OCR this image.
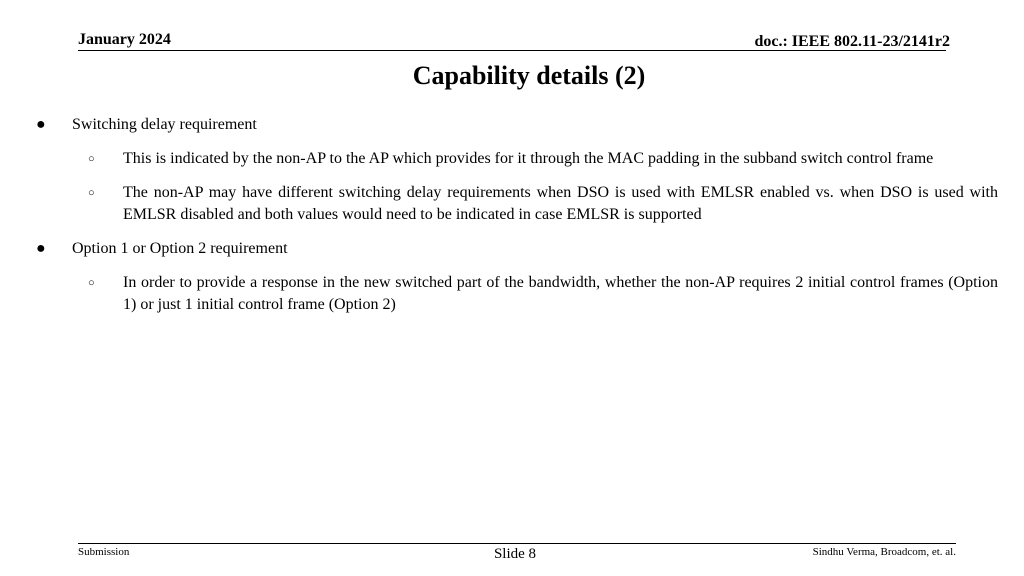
January 2024	doc.: IEEE 802.11-23/2141r2
Capability details (2)
● Switching delay requirement
○ This is indicated by the non-AP to the AP which provides for it through the MAC padding in the subband switch control frame
○ The non-AP may have different switching delay requirements when DSO is used with EMLSR enabled vs. when DSO is used with EMLSR disabled and both values would need to be indicated in case EMLSR is supported
● Option 1 or Option 2 requirement
○ In order to provide a response in the new switched part of the bandwidth, whether the non-AP requires 2 initial control frames (Option 1) or just 1 initial control frame (Option 2)
Submission	Slide 8	Sindhu Verma, Broadcom, et. al.
